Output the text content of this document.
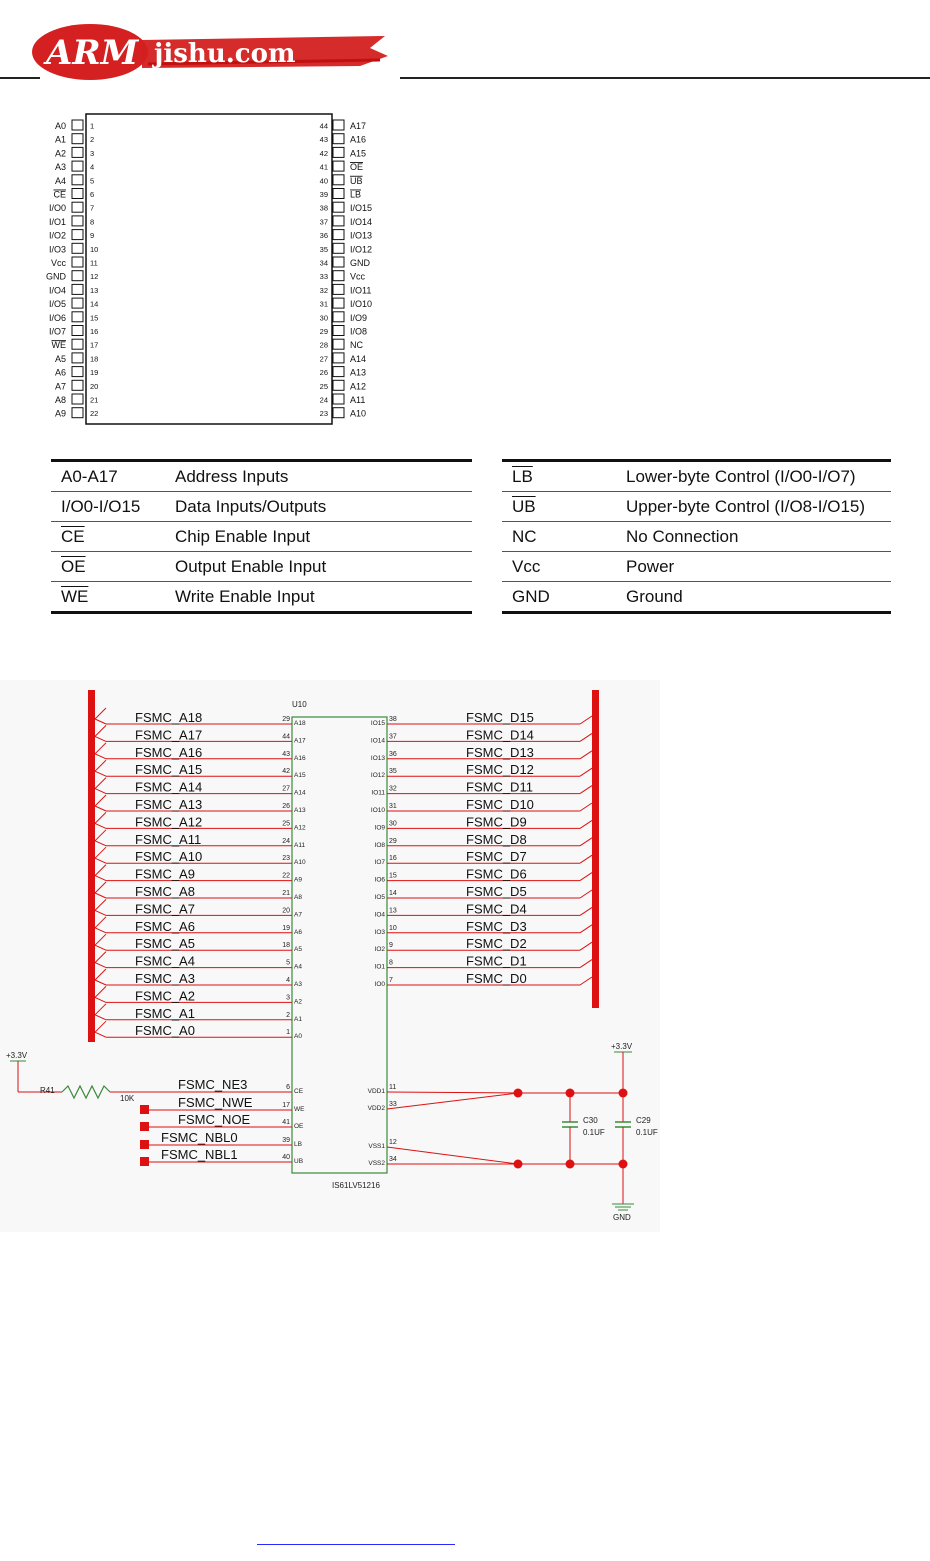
ARM jishu.com
A0	1
A1	2
A2	3
A3	4
A4	5
CE	6
I/O0	7
I/O1	8
I/O2	9
I/O3	10
Vcc	11
GND	12
I/O4	13
I/O5	14
I/O6	15
I/O7	16
WE	17
A5	18
A6	19
A7	20
A8	21
A9	22
44 A17
43 A16
42 A15
41 OE
40 UB
39 LB
38 I/O15
37 I/O14
36 I/O13
35 I/O12
34 GND
33 Vcc
32 I/O11
31 I/O10
30 I/O9
29 I/O8
28 NC
27 A14
26 A13
25 A12
24 A11
23 A10
A0-A17	Address Inputs
I/O0-I/O15	Data Inputs/Outputs
$\overline{CE}$	Chip Enable Input
$\overline{OE}$	Output Enable Input
$\overline{WE}$	Write Enable Input
$\overline{LB}$	Lower-byte Control (I/O0-I/O7)
$\overline{UB}$	Upper-byte Control (I/O8-I/O15)
NC	No Connection
Vcc	Power
GND	Ground
U10
IS61LV51216
FSMC_A18	29
A18
FSMC_A17	44
A17
FSMC_A16	43
A16
FSMC_A15	42
A15
FSMC_A14	27
A14
FSMC_A13	26
A13
FSMC_A12	25
A12
FSMC_A11	24
A11
FSMC_A10	23
A10
FSMC_A9	22
A9
FSMC_A8	21
A8
FSMC_A7	20
A7
FSMC_A6	19
A6
FSMC_A5	18
A5
FSMC_A4	5
A4
FSMC_A3	4
A3
FSMC_A2	3
A2
FSMC_A1	2
A1
FSMC_A0	1
A0
FSMC_D15
38
IO15
FSMC_D14
37
IO14
FSMC_D13
36
IO13
FSMC_D12
35
IO12
FSMC_D11
32
IO11
FSMC_D10
31
IO10
FSMC_D9
30
IO9
FSMC_D8
29
IO8
FSMC_D7
16
IO7
FSMC_D6
15
IO6
FSMC_D5
14
IO5
FSMC_D4
13
IO4
FSMC_D3
10
IO3
FSMC_D2
9
IO2
FSMC_D1
8
IO1
FSMC_D0
7
IO0
FSMC_NE3	6
CE
FSMC_NWE	17
WE
FSMC_NOE	41
OE
FSMC_NBL0	39
LB
FSMC_NBL1	40
UB
11
VDD1
33
VDD2
12
VSS1
34
VSS2
+3.3V
R41
10K
+3.3V
GND
C30
0.1UF
C29
0.1UF
